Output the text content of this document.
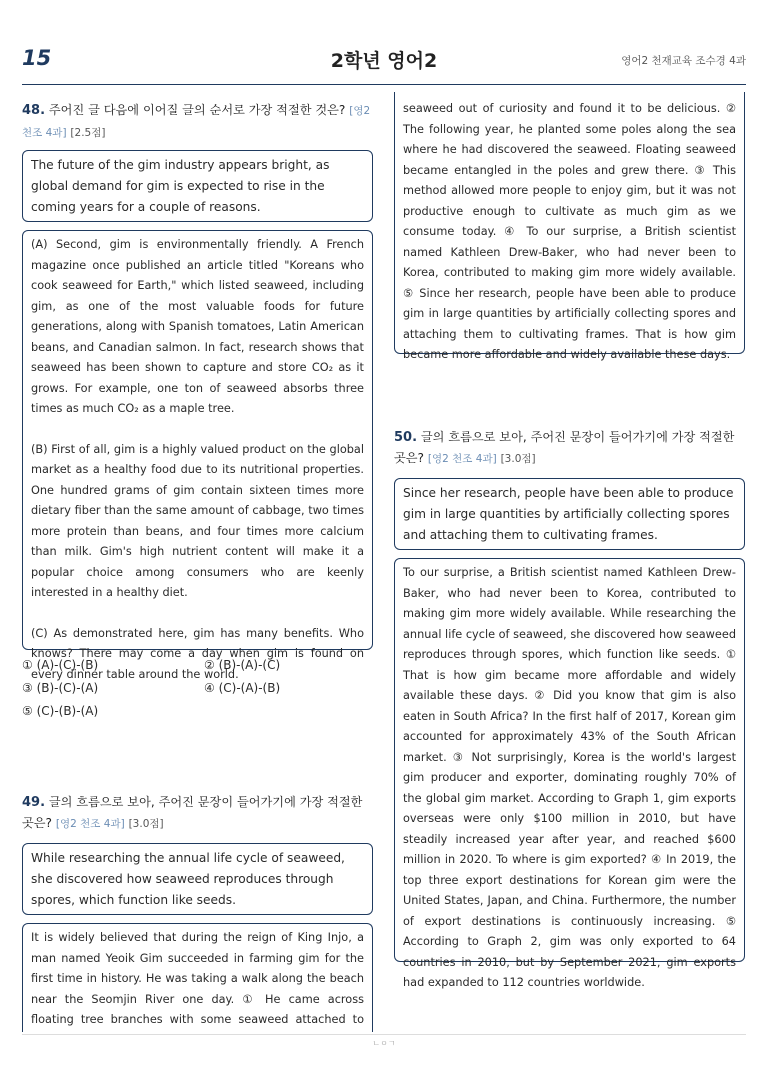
15	2학년 영어2	영어2 천재교육 조수경 4과
48. 주어진 글 다음에 이어질 글의 순서로 가장 적절한 것은? [영2 천조 4과] [2.5점]
The future of the gim industry appears bright, as global demand for gim is expected to rise in the coming years for a couple of reasons.

(A) Second, gim is environmentally friendly. A French magazine once published an article titled "Koreans who cook seaweed for Earth," which listed seaweed, including gim, as one of the most valuable foods for future generations, along with Spanish tomatoes, Latin American beans, and Canadian salmon. In fact, research shows that seaweed has been shown to capture and store CO₂ as it grows. For example, one ton of seaweed absorbs three times as much CO₂ as a maple tree.

(B) First of all, gim is a highly valued product on the global market as a healthy food due to its nutritional properties. One hundred grams of gim contain sixteen times more dietary fiber than the same amount of cabbage, two times more protein than beans, and four times more calcium than milk. Gim's high nutrient content will make it a popular choice among consumers who are keenly interested in a healthy diet.

(C) As demonstrated here, gim has many benefits. Who knows? There may come a day when gim is found on every dinner table around the world.

① (A)-(C)-(B)	② (B)-(A)-(C)
③ (B)-(C)-(A)	④ (C)-(A)-(B)
⑤ (C)-(B)-(A)
49. 글의 흐름으로 보아, 주어진 문장이 들어가기에 가장 적절한 곳은? [영2 천조 4과] [3.0점]
While researching the annual life cycle of seaweed, she discovered how seaweed reproduces through spores, which function like seeds.

It is widely believed that during the reign of King Injo, a man named Yeoik Gim succeeded in farming gim for the first time in history. He was taking a walk along the beach near the Seomjin River one day. ① He came across floating tree branches with some seaweed attached to

seaweed out of curiosity and found it to be delicious. ② The following year, he planted some poles along the sea where he had discovered the seaweed. Floating seaweed became entangled in the poles and grew there. ③ This method allowed more people to enjoy gim, but it was not productive enough to cultivate as much gim as we consume today. ④ To our surprise, a British scientist named Kathleen Drew-Baker, who had never been to Korea, contributed to making gim more widely available. ⑤ Since her research, people have been able to produce gim in large quantities by artificially collecting spores and attaching them to cultivating frames. That is how gim became more affordable and widely available these days.

50. 글의 흐름으로 보아, 주어진 문장이 들어가기에 가장 적절한 곳은? [영2 천조 4과] [3.0점]
Since her research, people have been able to produce gim in large quantities by artificially collecting spores and attaching them to cultivating frames.

To our surprise, a British scientist named Kathleen Drew-Baker, who had never been to Korea, contributed to making gim more widely available. While researching the annual life cycle of seaweed, she discovered how seaweed reproduces through spores, which function like seeds. ① That is how gim became more affordable and widely available these days. ② Did you know that gim is also eaten in South Africa? In the first half of 2017, Korean gim accounted for approximately 43% of the South African market. ③ Not surprisingly, Korea is the world's largest gim producer and exporter, dominating roughly 70% of the global gim market. According to Graph 1, gim exports overseas were only $100 million in 2010, but have steadily increased year after year, and reached $600 million in 2020. To where is gim exported? ④ In 2019, the top three export destinations for Korean gim were the United States, Japan, and China. Furthermore, the number of export destinations is continuously increasing. ⑤ According to Graph 2, gim was only exported to 64 countries in 2010, but by September 2021, gim exports had expanded to 112 countries worldwide.

ㄴㅇㄱ
